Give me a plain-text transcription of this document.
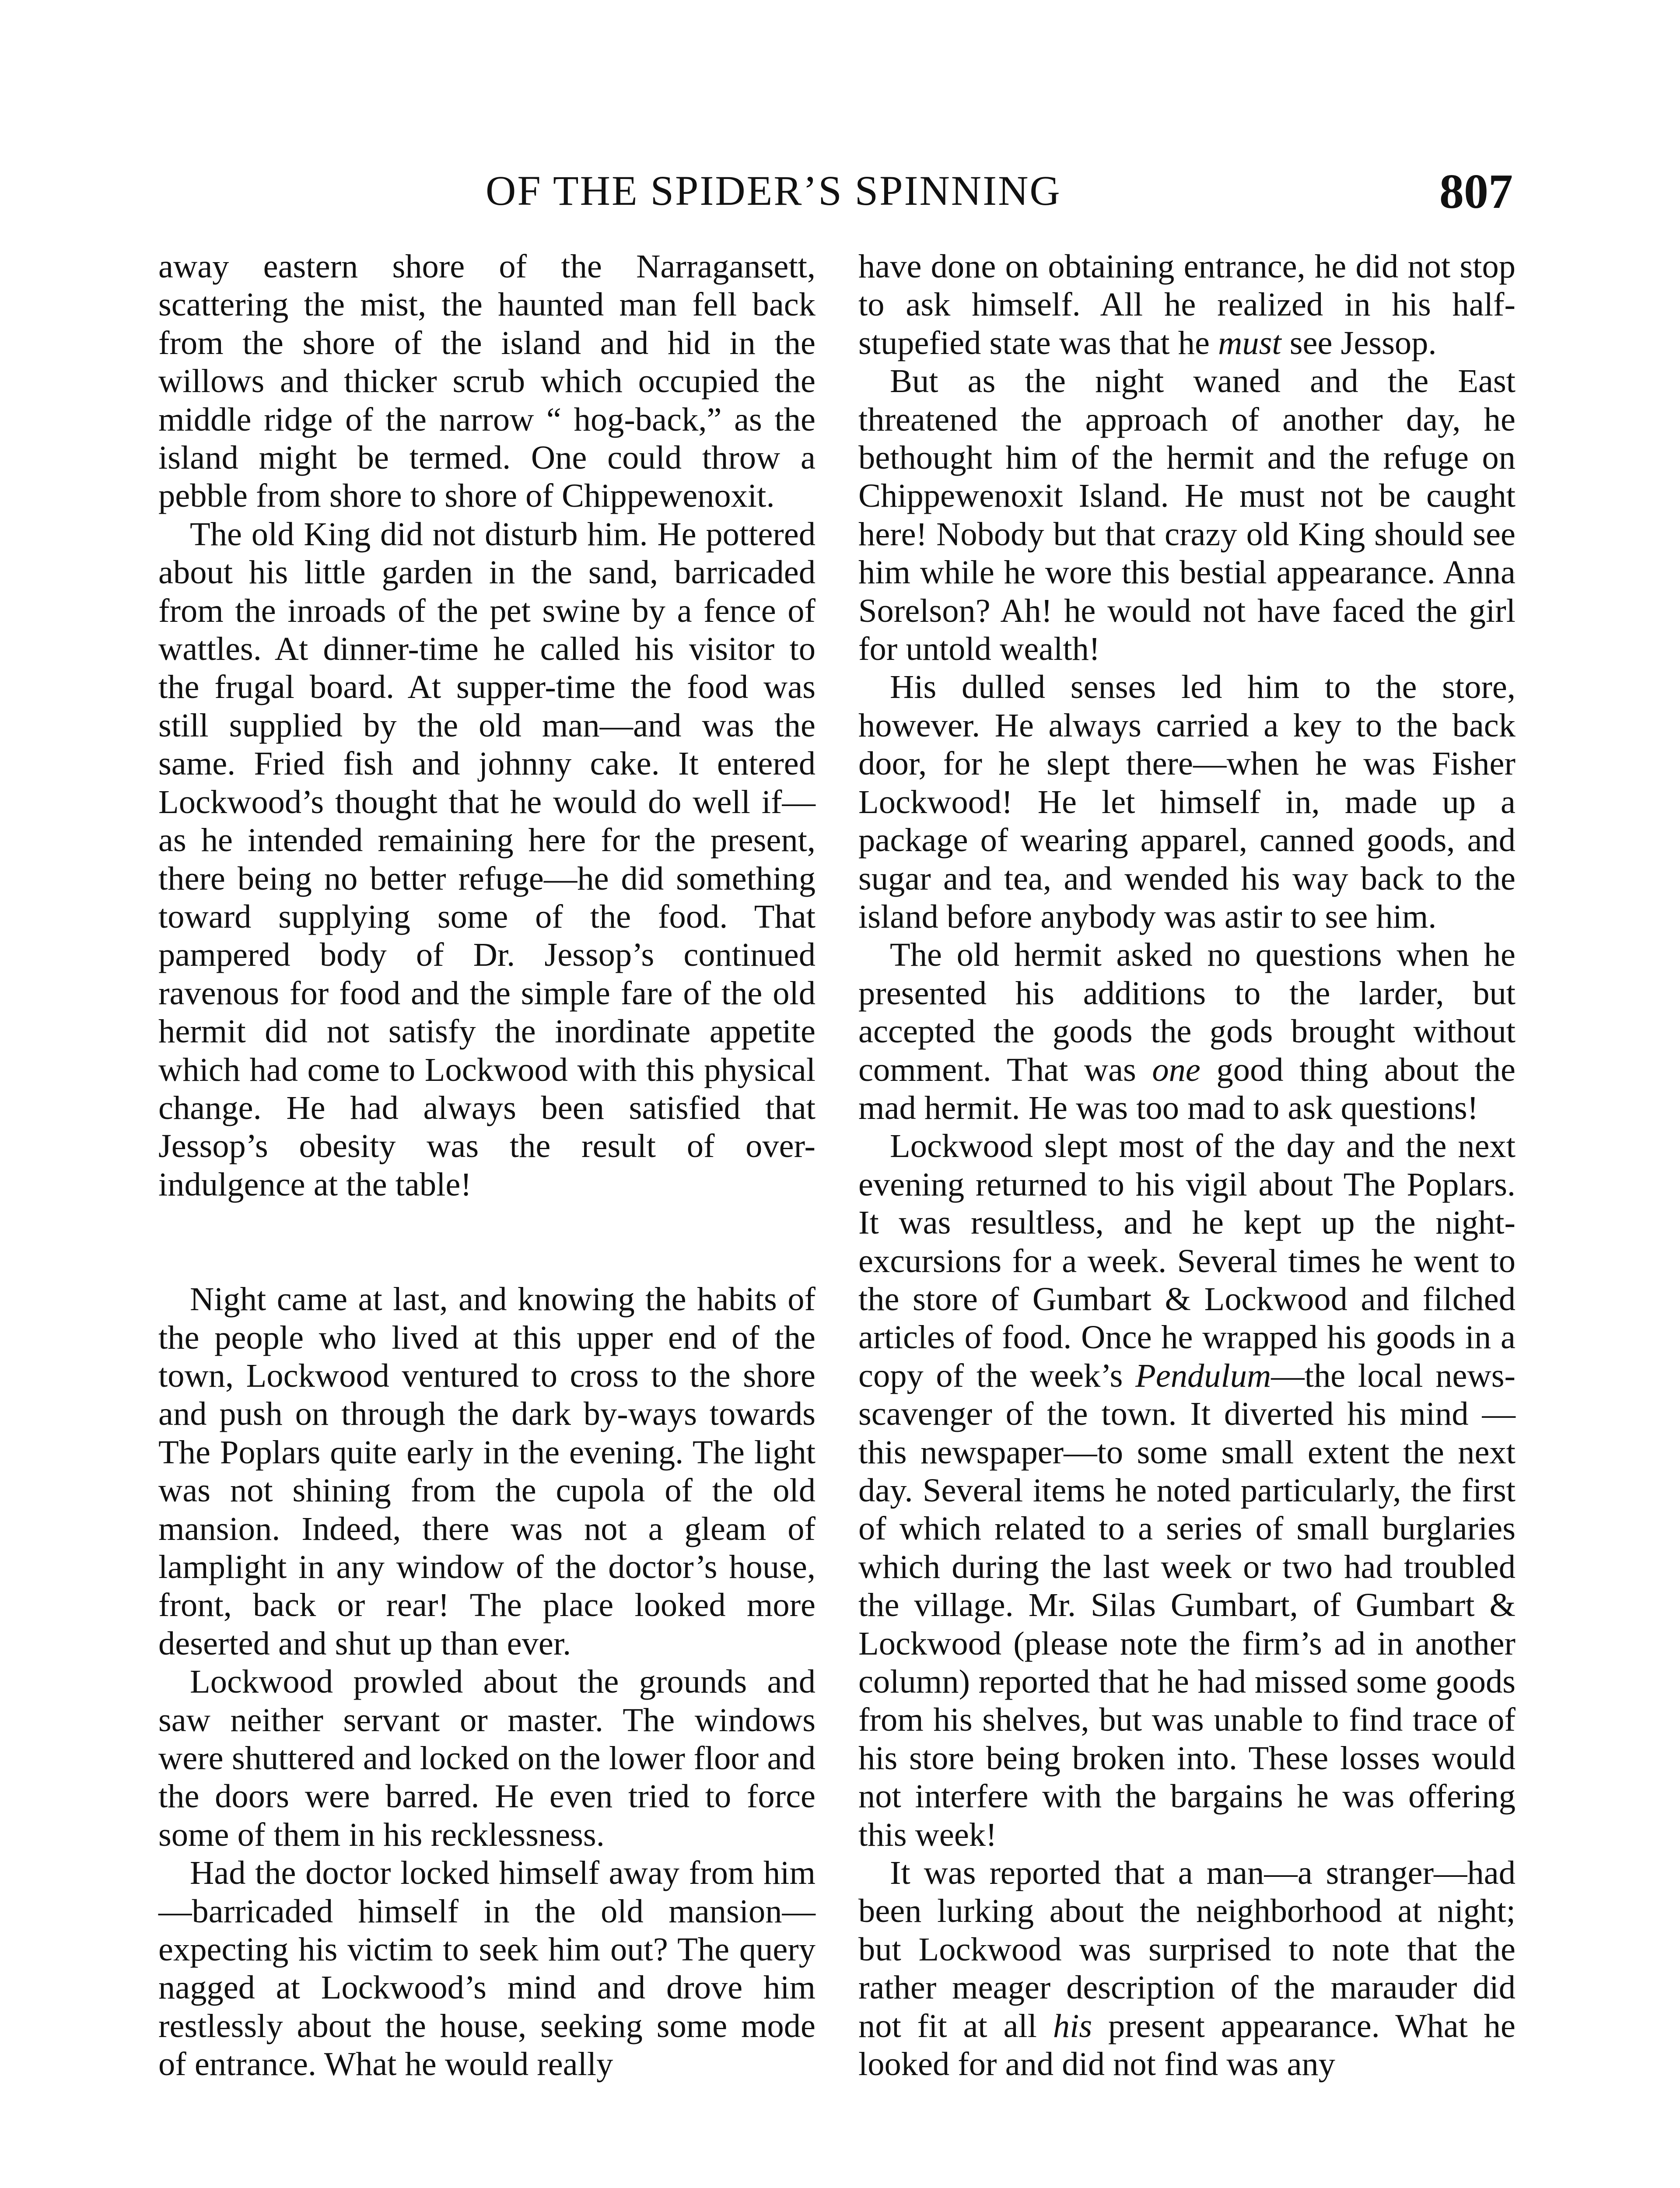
OF THE SPIDER’S SPINNING	807

away eastern shore of the Narragansett, scattering the mist, the haunted man fell back from the shore of the island and hid in the willows and thicker scrub which occupied the middle ridge of the narrow “ hog-back,” as the island might be termed. One could throw a pebble from shore to shore of Chippewenoxit.

The old King did not disturb him. He pottered about his little garden in the sand, barricaded from the inroads of the pet swine by a fence of wattles. At dinner-time he called his visitor to the frugal board. At supper-time the food was still supplied by the old man—and was the same. Fried fish and johnny cake. It entered Lockwood’s thought that he would do well if—as he intended remaining here for the present, there being no better refuge—he did something toward supplying some of the food. That pampered body of Dr. Jessop’s continued ravenous for food and the simple fare of the old hermit did not satisfy the inordinate appetite which had come to Lockwood with this physical change. He had always been satisfied that Jessop’s obesity was the result of over-indulgence at the table!

Night came at last, and knowing the habits of the people who lived at this upper end of the town, Lockwood ventured to cross to the shore and push on through the dark by-ways towards The Poplars quite early in the evening. The light was not shining from the cupola of the old mansion. Indeed, there was not a gleam of lamplight in any window of the doctor’s house, front, back or rear! The place looked more deserted and shut up than ever.

Lockwood prowled about the grounds and saw neither servant or master. The windows were shuttered and locked on the lower floor and the doors were barred. He even tried to force some of them in his recklessness.

Had the doctor locked himself away from him—barricaded himself in the old mansion—expecting his victim to seek him out? The query nagged at Lockwood’s mind and drove him restlessly about the house, seeking some mode of entrance. What he would really

have done on obtaining entrance, he did not stop to ask himself. All he realized in his half-stupefied state was that he must see Jessop.

But as the night waned and the East threatened the approach of another day, he bethought him of the hermit and the refuge on Chippewenoxit Island. He must not be caught here! Nobody but that crazy old King should see him while he wore this bestial appearance. Anna Sorelson? Ah! he would not have faced the girl for untold wealth!

His dulled senses led him to the store, however. He always carried a key to the back door, for he slept there—when he was Fisher Lockwood! He let himself in, made up a package of wearing apparel, canned goods, and sugar and tea, and wended his way back to the island before anybody was astir to see him.

The old hermit asked no questions when he presented his additions to the larder, but accepted the goods the gods brought without comment. That was one good thing about the mad hermit. He was too mad to ask questions!

Lockwood slept most of the day and the next evening returned to his vigil about The Poplars. It was resultless, and he kept up the night-excursions for a week. Several times he went to the store of Gumbart & Lockwood and filched articles of food. Once he wrapped his goods in a copy of the week’s Pendulum—the local news-scavenger of the town. It diverted his mind —this newspaper—to some small extent the next day. Several items he noted particularly, the first of which related to a series of small burglaries which during the last week or two had troubled the village. Mr. Silas Gumbart, of Gumbart & Lockwood (please note the firm’s ad in another column) reported that he had missed some goods from his shelves, but was unable to find trace of his store being broken into. These losses would not interfere with the bargains he was offering this week!

It was reported that a man—a stranger—had been lurking about the neighborhood at night; but Lockwood was surprised to note that the rather meager description of the marauder did not fit at all his present appearance. What he looked for and did not find was any
